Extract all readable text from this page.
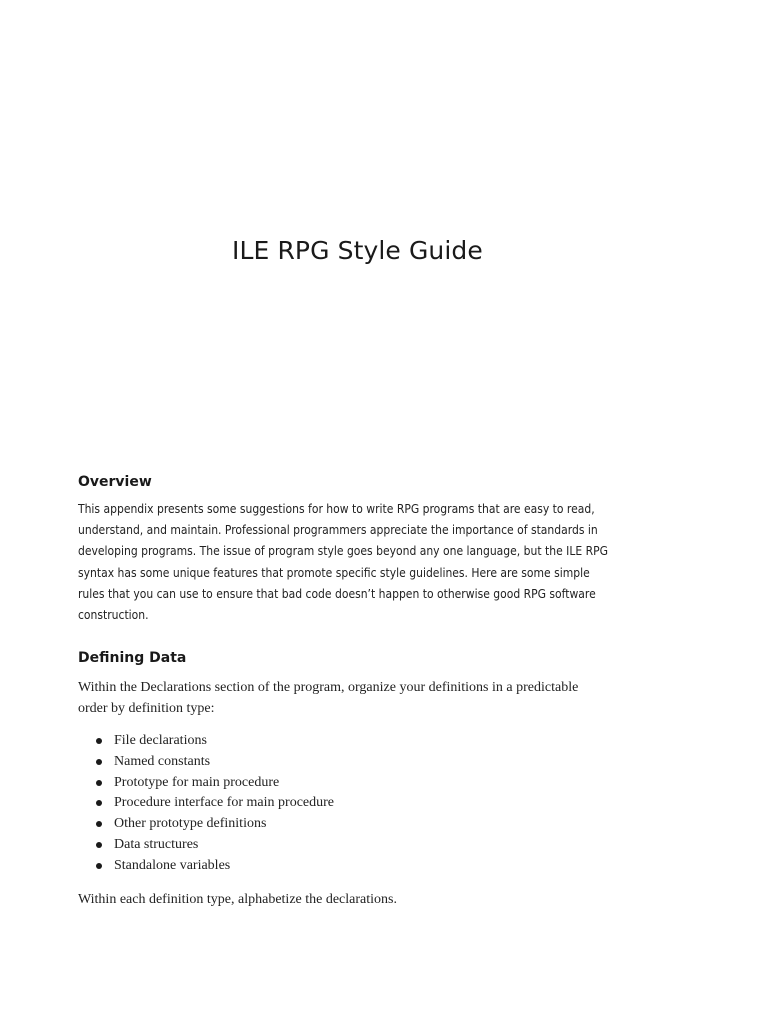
ILE RPG Style Guide
Overview

This appendix presents some suggestions for how to write RPG programs that are easy to read,
understand, and maintain. Professional programmers appreciate the importance of standards in
developing programs. The issue of program style goes beyond any one language, but the ILE RPG
syntax has some unique features that promote specific style guidelines. Here are some simple
rules that you can use to ensure that bad code doesn’t happen to otherwise good RPG software
construction.

Defining Data

Within the Declarations section of the program, organize your definitions in a predictable
order by definition type:

File declarations
Named constants
Prototype for main procedure
Procedure interface for main procedure
Other prototype definitions
Data structures
Standalone variables

Within each definition type, alphabetize the declarations.
